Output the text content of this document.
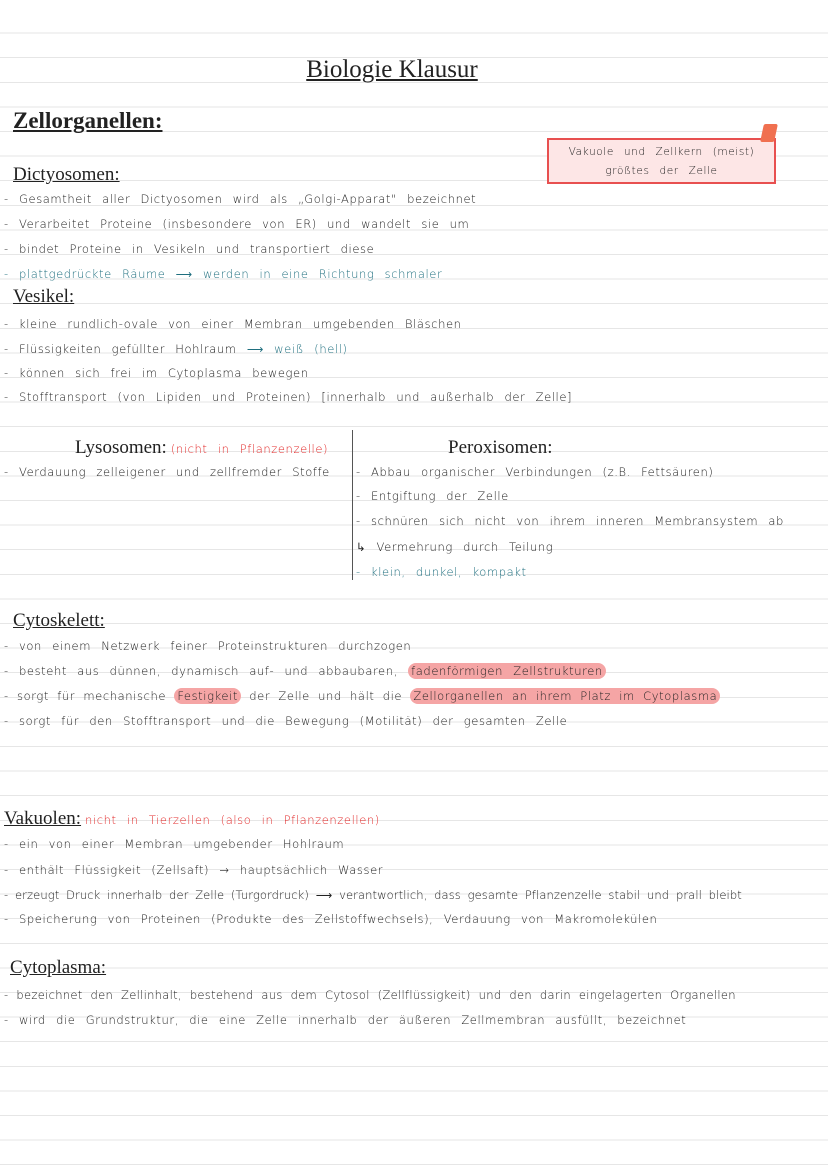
Biologie Klausur
Zellorganellen:
Vakuole und Zellkern (meist)
größtes der Zelle
Dictyosomen:
- Gesamtheit aller Dictyosomen wird als „Golgi-Apparat" bezeichnet
- Verarbeitet Proteine (insbesondere von ER) und wandelt sie um
- bindet Proteine in Vesikeln und transportiert diese
- plattgedrückte Räume ⟶ werden in eine Richtung schmaler
Vesikel:
- kleine rundlich-ovale von einer Membran umgebenden Bläschen
- Flüssigkeiten gefüllter Hohlraum ⟶ weiß (hell)
- können sich frei im Cytoplasma bewegen
- Stofftransport (von Lipiden und Proteinen) [innerhalb und außerhalb der Zelle]
Lysosomen: (nicht in Pflanzenzelle)
- Verdauung zelleigener und zellfremder Stoffe
Peroxisomen:
- Abbau organischer Verbindungen (z.B. Fettsäuren)
- Entgiftung der Zelle
- schnüren sich nicht von ihrem inneren Membransystem ab
↳ Vermehrung durch Teilung
- klein, dunkel, kompakt
Cytoskelett:
- von einem Netzwerk feiner Proteinstrukturen durchzogen
- besteht aus dünnen, dynamisch auf- und abbaubaren, fadenförmigen Zellstrukturen
- sorgt für mechanische Festigkeit der Zelle und hält die Zellorganellen an ihrem Platz im Cytoplasma
- sorgt für den Stofftransport und die Bewegung (Motilität) der gesamten Zelle
Vakuolen: nicht in Tierzellen (also in Pflanzenzellen)
- ein von einer Membran umgebender Hohlraum
- enthält Flüssigkeit (Zellsaft) → hauptsächlich Wasser
- erzeugt Druck innerhalb der Zelle (Turgordruck) ⟶ verantwortlich, dass gesamte Pflanzenzelle stabil und prall bleibt
- Speicherung von Proteinen (Produkte des Zellstoffwechsels), Verdauung von Makromolekülen
Cytoplasma:
- bezeichnet den Zellinhalt, bestehend aus dem Cytosol (Zellflüssigkeit) und den darin eingelagerten Organellen
- wird die Grundstruktur, die eine Zelle innerhalb der äußeren Zellmembran ausfüllt, bezeichnet
